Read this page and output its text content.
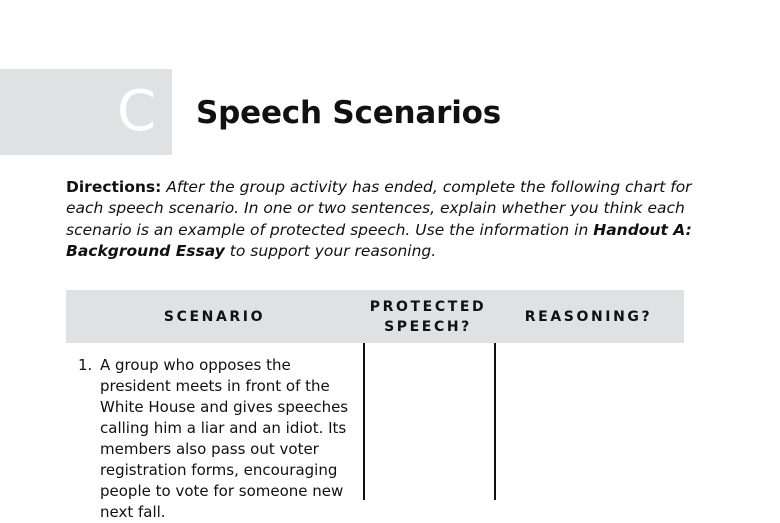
C Speech Scenarios
Directions: After the group activity has ended, complete the following chart for each speech scenario. In one or two sentences, explain whether you think each scenario is an example of protected speech. Use the information in Handout A: Background Essay to support your reasoning.
SCENARIO
PROTECTED
SPEECH?
REASONING?
1. A group who opposes the president meets in front of the White House and gives speeches calling him a liar and an idiot. Its members also pass out voter registration forms, encouraging people to vote for someone new next fall.
